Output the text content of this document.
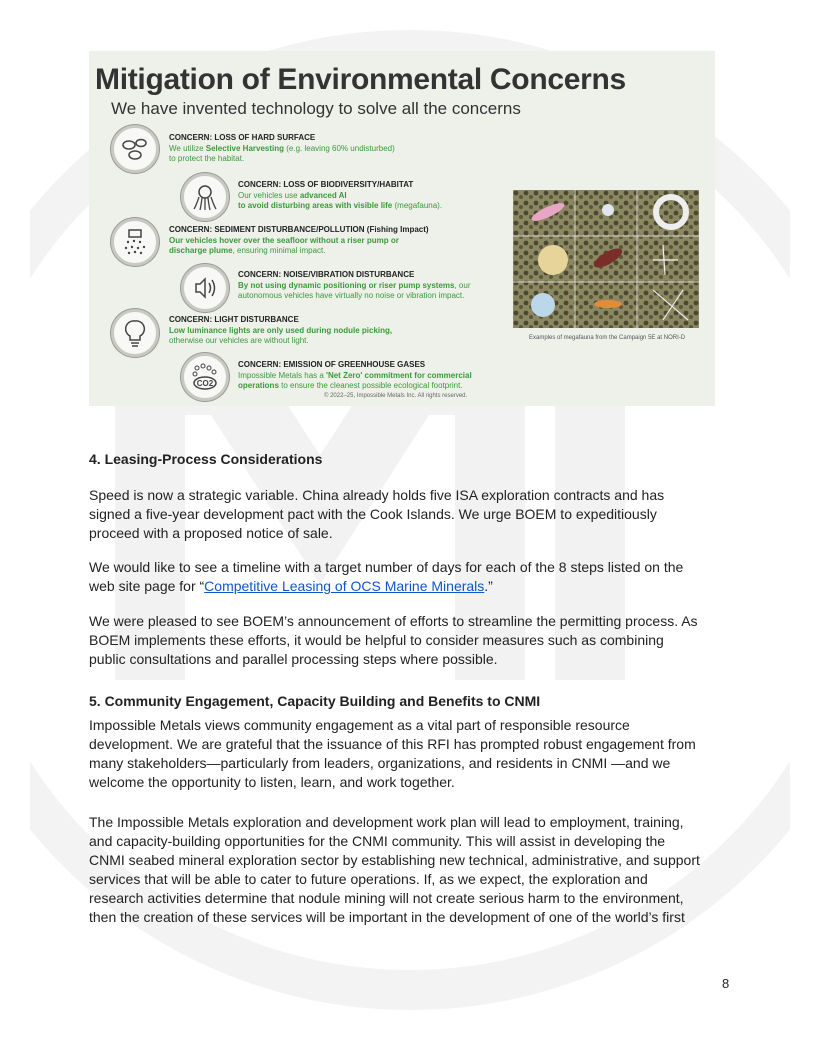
Mitigation of Environmental Concerns
We have invented technology to solve all the concerns
CONCERN: LOSS OF HARD SURFACE
We utilize Selective Harvesting (e.g. leaving 60% undisturbed)
to protect the habitat.
CONCERN: LOSS OF BIODIVERSITY/HABITAT
Our vehicles use advanced AI
to avoid disturbing areas with visible life (megafauna).
CONCERN: SEDIMENT DISTURBANCE/POLLUTION (Fishing Impact)
Our vehicles hover over the seafloor without a riser pump or
discharge plume, ensuring minimal impact.
CONCERN: NOISE/VIBRATION DISTURBANCE
By not using dynamic positioning or riser pump systems, our
autonomous vehicles have virtually no noise or vibration impact.
CONCERN: LIGHT DISTURBANCE
Low luminance lights are only used during nodule picking,
otherwise our vehicles are without light.
CO2
CONCERN: EMISSION OF GREENHOUSE GASES
Impossible Metals has a 'Net Zero' commitment for commercial
operations to ensure the cleanest possible ecological footprint.
Examples of megafauna from the Campaign 5E at NORI-D
© 2022–25, Impossible Metals Inc. All rights reserved.
4. Leasing-Process Considerations

Speed is now a strategic variable. China already holds five ISA exploration contracts and has

signed a five-year development pact with the Cook Islands. We urge BOEM to expeditiously

proceed with a proposed notice of sale.

We would like to see a timeline with a target number of days for each of the 8 steps listed on the

web site page for “Competitive Leasing of OCS Marine Minerals.”

We were pleased to see BOEM’s announcement of efforts to streamline the permitting process. As

BOEM implements these efforts, it would be helpful to consider measures such as combining

public consultations and parallel processing steps where possible.

5. Community Engagement, Capacity Building and Benefits to CNMI

Impossible Metals views community engagement as a vital part of responsible resource

development. We are grateful that the issuance of this RFI has prompted robust engagement from

many stakeholders—particularly from leaders, organizations, and residents in CNMI —and we

welcome the opportunity to listen, learn, and work together.

The Impossible Metals exploration and development work plan will lead to employment, training,

and capacity-building opportunities for the CNMI community. This will assist in developing the

CNMI seabed mineral exploration sector by establishing new technical, administrative, and support

services that will be able to cater to future operations. If, as we expect, the exploration and

research activities determine that nodule mining will not create serious harm to the environment,

then the creation of these services will be important in the development of one of the world’s first

8
